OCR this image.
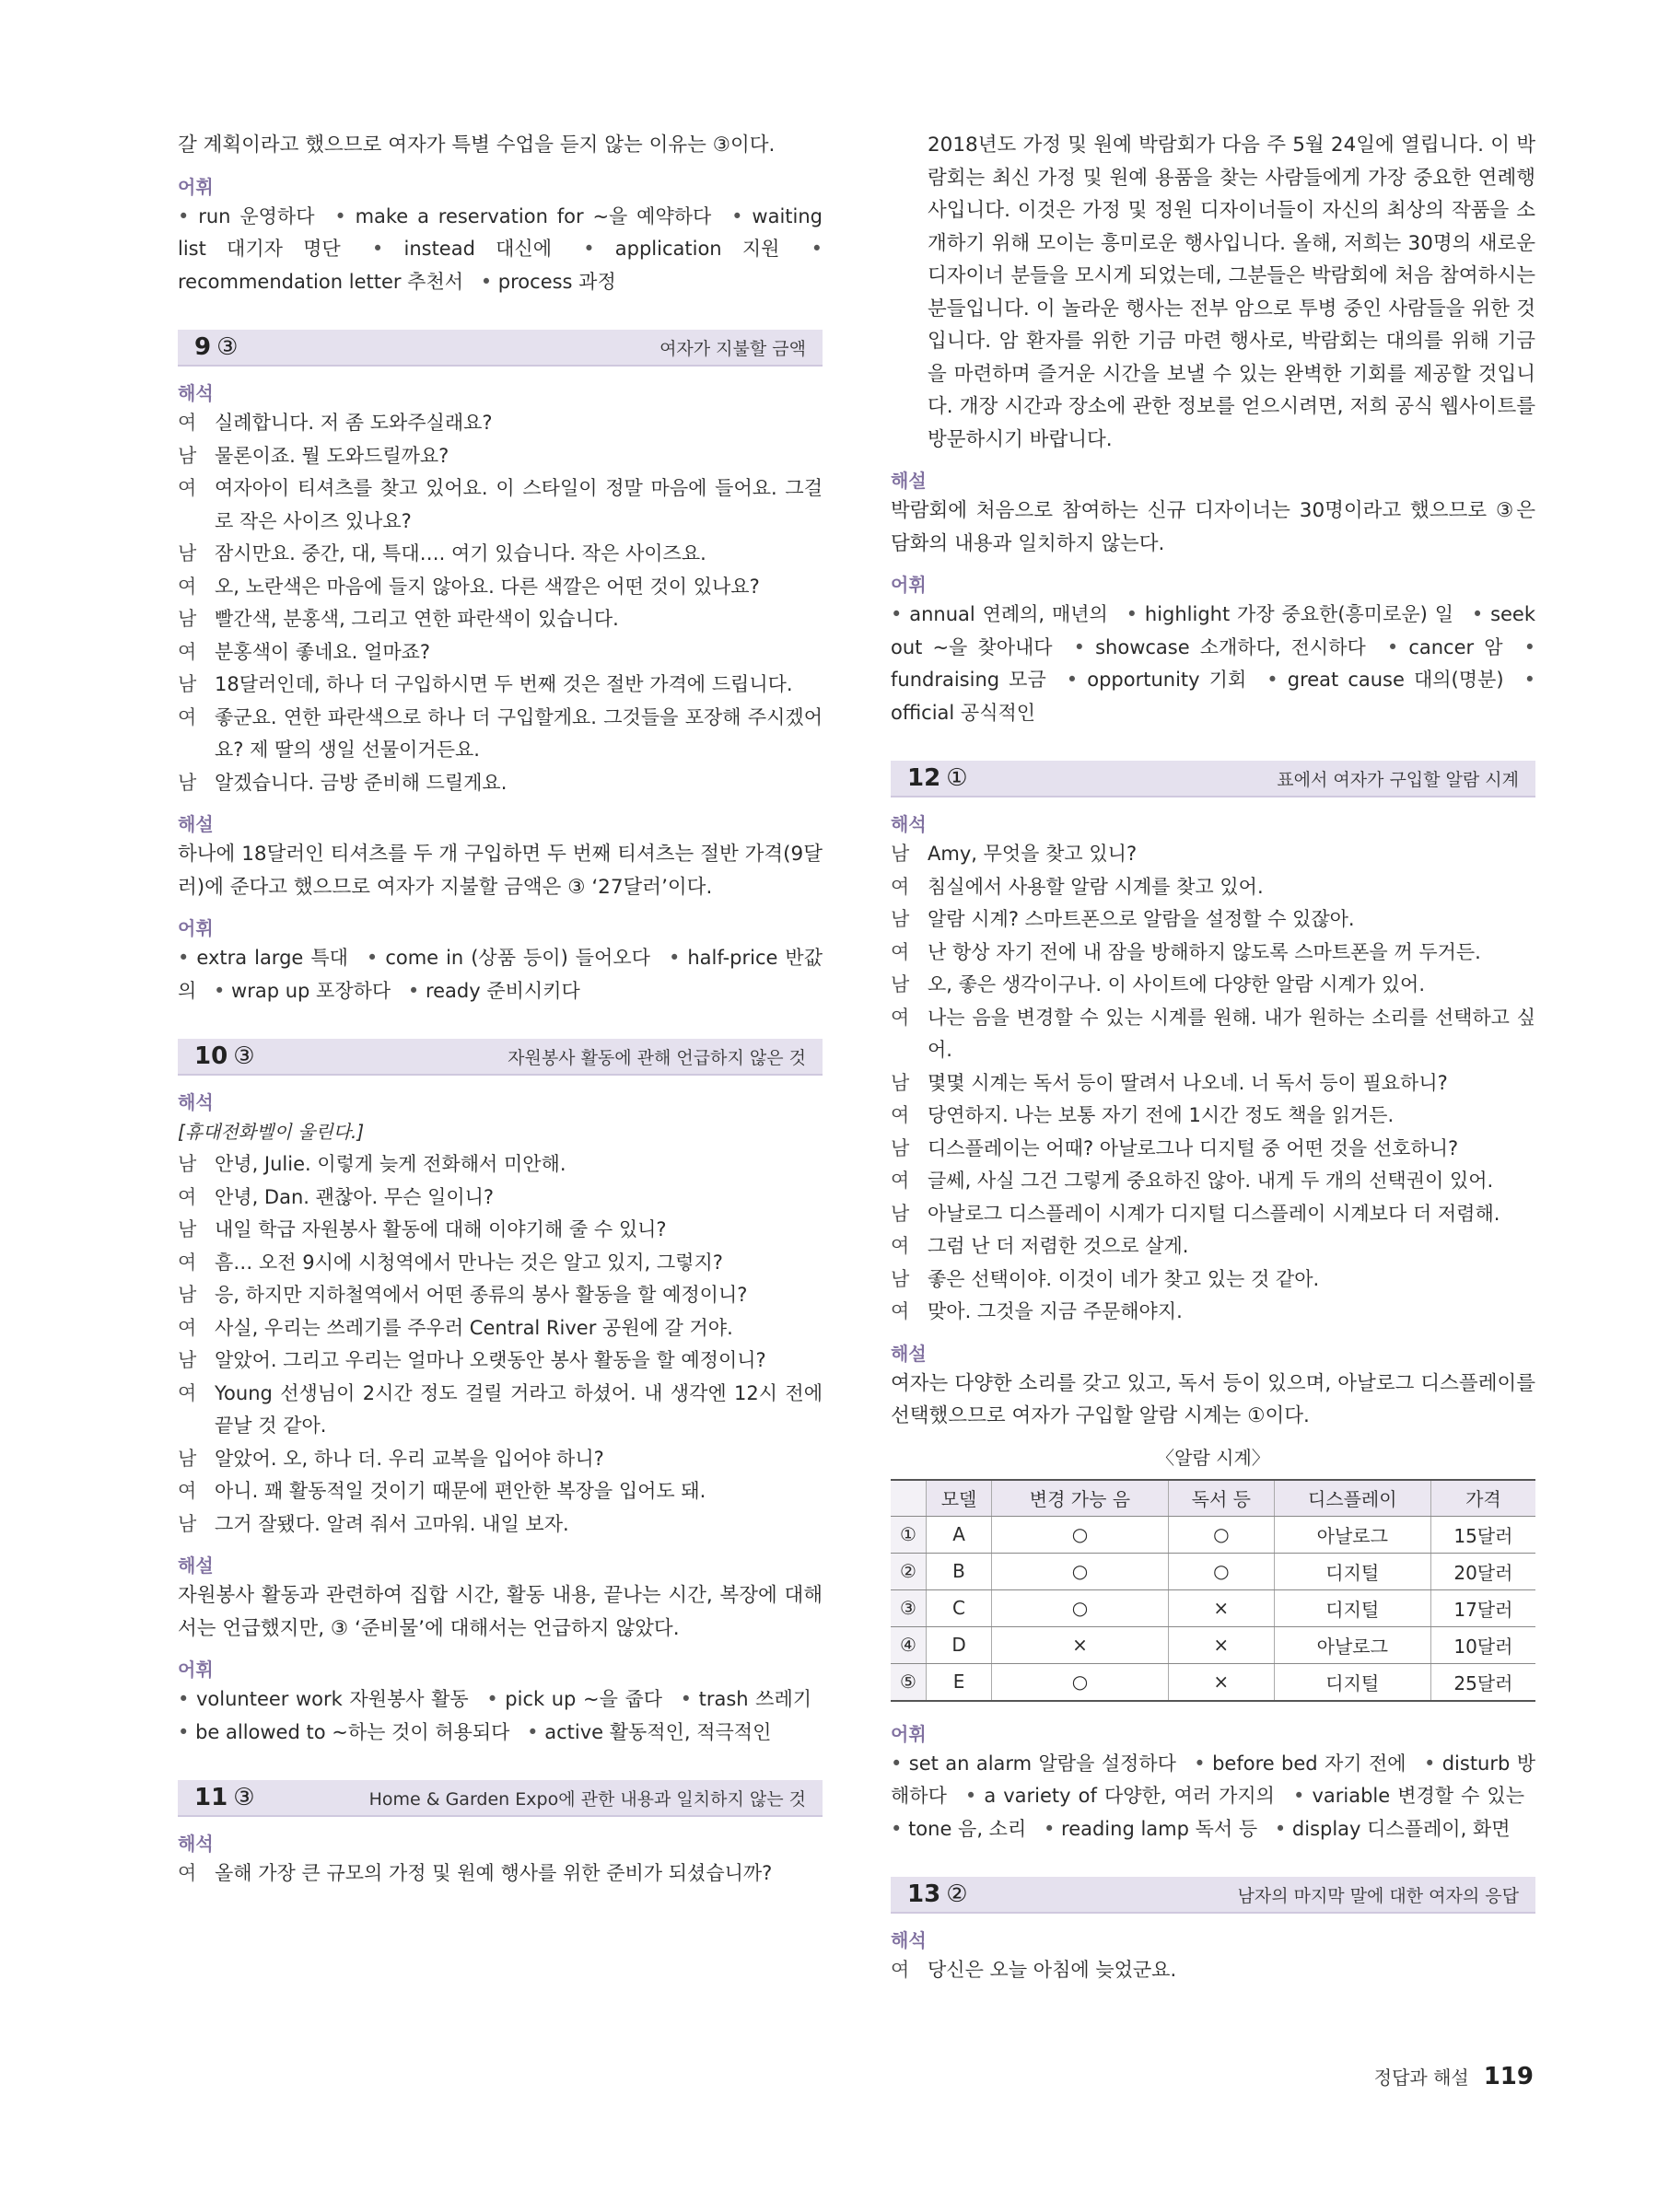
갈 계획이라고 했으므로 여자가 특별 수업을 듣지 않는 이유는 ③이다.

어휘
• run 운영하다 • make a reservation for ~을 예약하다 • waiting list 대기자 명단	• instead 대신에	• application 지원 • recommendation letter 추천서 • process 과정
9 ③	여자가 지불할 금액
해석
여 실례합니다. 저 좀 도와주실래요?
남 물론이죠. 뭘 도와드릴까요?
여 여자아이 티셔츠를 찾고 있어요. 이 스타일이 정말 마음에 들어요. 그걸로 작은 사이즈 있나요?
남 잠시만요. 중간, 대, 특대…. 여기 있습니다. 작은 사이즈요.
여 오, 노란색은 마음에 들지 않아요. 다른 색깔은 어떤 것이 있나요?
남 빨간색, 분홍색, 그리고 연한 파란색이 있습니다.
여 분홍색이 좋네요. 얼마죠?
남 18달러인데, 하나 더 구입하시면 두 번째 것은 절반 가격에 드립니다.
여 좋군요. 연한 파란색으로 하나 더 구입할게요. 그것들을 포장해 주시겠어요? 제 딸의 생일 선물이거든요.
남 알겠습니다. 금방 준비해 드릴게요.
해설

하나에 18달러인 티셔츠를 두 개 구입하면 두 번째 티셔츠는 절반 가격(9달러)에 준다고 했으므로 여자가 지불할 금액은 ③ ‘27달러’이다.

어휘
• extra large 특대 • come in (상품 등이) 들어오다 • half-price 반값의 • wrap up 포장하다 • ready 준비시키다
10 ③	자원봉사 활동에 관해 언급하지 않은 것
해석
[휴대전화벨이 울린다.]
남 안녕, Julie. 이렇게 늦게 전화해서 미안해.
여 안녕, Dan. 괜찮아. 무슨 일이니?
남 내일 학급 자원봉사 활동에 대해 이야기해 줄 수 있니?
여 흠… 오전 9시에 시청역에서 만나는 것은 알고 있지, 그렇지?
남 응, 하지만 지하철역에서 어떤 종류의 봉사 활동을 할 예정이니?
여 사실, 우리는 쓰레기를 주우러 Central River 공원에 갈 거야.
남 알았어. 그리고 우리는 얼마나 오랫동안 봉사 활동을 할 예정이니?
여 Young 선생님이 2시간 정도 걸릴 거라고 하셨어. 내 생각엔 12시 전에 끝날 것 같아.
남 알았어. 오, 하나 더. 우리 교복을 입어야 하니?
여 아니. 꽤 활동적일 것이기 때문에 편안한 복장을 입어도 돼.
남 그거 잘됐다. 알려 줘서 고마워. 내일 보자.
해설

자원봉사 활동과 관련하여 집합 시간, 활동 내용, 끝나는 시간, 복장에 대해서는 언급했지만, ③ ‘준비물’에 대해서는 언급하지 않았다.

어휘
• volunteer work 자원봉사 활동 • pick up ~을 줍다 • trash 쓰레기 • be allowed to ~하는 것이 허용되다 • active 활동적인, 적극적인
11 ③	Home & Garden Expo에 관한 내용과 일치하지 않는 것
해석
여 올해 가장 큰 규모의 가정 및 원예 행사를 위한 준비가 되셨습니까?

2018년도 가정 및 원예 박람회가 다음 주 5월 24일에 열립니다. 이 박람회는 최신 가정 및 원예 용품을 찾는 사람들에게 가장 중요한 연례행사입니다. 이것은 가정 및 정원 디자이너들이 자신의 최상의 작품을 소개하기 위해 모이는 흥미로운 행사입니다. 올해, 저희는 30명의 새로운 디자이너 분들을 모시게 되었는데, 그분들은 박람회에 처음 참여하시는 분들입니다. 이 놀라운 행사는 전부 암으로 투병 중인 사람들을 위한 것입니다. 암 환자를 위한 기금 마련 행사로, 박람회는 대의를 위해 기금을 마련하며 즐거운 시간을 보낼 수 있는 완벽한 기회를 제공할 것입니다. 개장 시간과 장소에 관한 정보를 얻으시려면, 저희 공식 웹사이트를 방문하시기 바랍니다.

해설

박람회에 처음으로 참여하는 신규 디자이너는 30명이라고 했으므로 ③은 담화의 내용과 일치하지 않는다.

어휘
• annual 연례의, 매년의 • highlight 가장 중요한(흥미로운) 일 • seek out ~을 찾아내다 • showcase 소개하다, 전시하다 • cancer 암 • fundraising 모금 • opportunity 기회 • great cause 대의(명분) • official 공식적인
12 ①	표에서 여자가 구입할 알람 시계
해석
남 Amy, 무엇을 찾고 있니?
여 침실에서 사용할 알람 시계를 찾고 있어.
남 알람 시계? 스마트폰으로 알람을 설정할 수 있잖아.
여 난 항상 자기 전에 내 잠을 방해하지 않도록 스마트폰을 꺼 두거든.
남 오, 좋은 생각이구나. 이 사이트에 다양한 알람 시계가 있어.
여 나는 음을 변경할 수 있는 시계를 원해. 내가 원하는 소리를 선택하고 싶어.
남 몇몇 시계는 독서 등이 딸려서 나오네. 너 독서 등이 필요하니?
여 당연하지. 나는 보통 자기 전에 1시간 정도 책을 읽거든.
남 디스플레이는 어때? 아날로그나 디지털 중 어떤 것을 선호하니?
여 글쎄, 사실 그건 그렇게 중요하진 않아. 내게 두 개의 선택권이 있어.
남 아날로그 디스플레이 시계가 디지털 디스플레이 시계보다 더 저렴해.
여 그럼 난 더 저렴한 것으로 살게.
남 좋은 선택이야. 이것이 네가 찾고 있는 것 같아.
여 맞아. 그것을 지금 주문해야지.
해설

여자는 다양한 소리를 갖고 있고, 독서 등이 있으며, 아날로그 디스플레이를 선택했으므로 여자가 구입할 알람 시계는 ①이다.

〈알람 시계〉
	모델	변경 가능 음	독서 등	디스플레이	가격
①	A	○	○	아날로그	15달러
②	B	○	○	디지털	20달러
③	C	○	×	디지털	17달러
④	D	×	×	아날로그	10달러
⑤	E	○	×	디지털	25달러
어휘
• set an alarm 알람을 설정하다 • before bed 자기 전에 • disturb 방해하다 • a variety of 다양한, 여러 가지의 • variable 변경할 수 있는 • tone 음, 소리 • reading lamp 독서 등 • display 디스플레이, 화면
13 ②	남자의 마지막 말에 대한 여자의 응답
해석
여 당신은 오늘 아침에 늦었군요.
정답과 해설 119
